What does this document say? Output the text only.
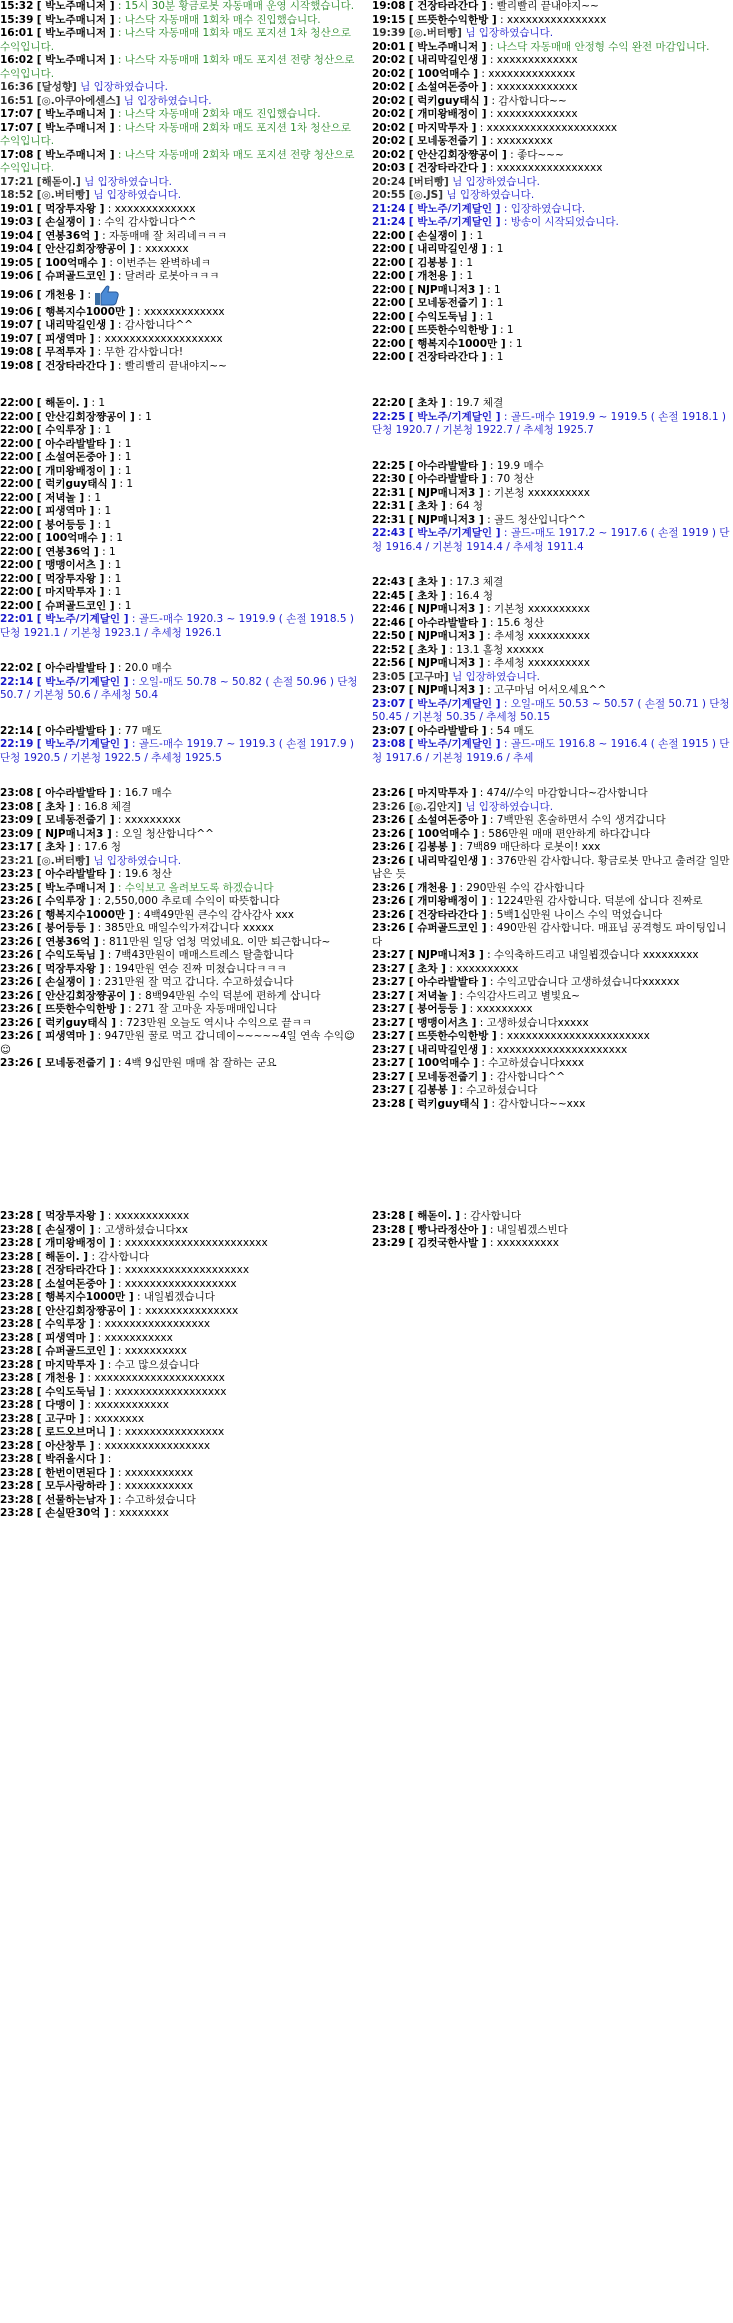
15:32 [ 박노주매니저 ] : 15시 30분 황금로봇 자동매매 운영 시작했습니다.
15:39 [ 박노주매니저 ] : 나스닥 자동매매 1회차 매수 진입했습니다.
16:01 [ 박노주매니저 ] : 나스닥 자동매매 1회차 매도 포지션 1차 청산으로 수익입니다.
16:02 [ 박노주매니저 ] : 나스닥 자동매매 1회차 매도 포지션 전량 청산으로 수익입니다.
16:36 [달성향] 님 입장하였습니다.
16:51 [◎.아쿠아에센스] 님 입장하였습니다.
17:07 [ 박노주매니저 ] : 나스닥 자동매매 2회차 매도 진입했습니다.
17:07 [ 박노주매니저 ] : 나스닥 자동매매 2회차 매도 포지션 1차 청산으로 수익입니다.
17:08 [ 박노주매니저 ] : 나스닥 자동매매 2회차 매도 포지션 전량 청산으로 수익입니다.
17:21 [해돋이.] 님 입장하였습니다.
18:52 [◎.버터빵] 님 입장하였습니다.
19:01 [ 먹장투자왕 ] : ⅹⅹⅹⅹⅹⅹⅹⅹⅹⅹⅹⅹⅹ
19:03 [ 손실쟁이 ] : 수익 감사합니다^^
19:04 [ 연봉36억 ] : 자동매매 잘 처리네ㅋㅋㅋ
19:04 [ 안산김회장쨩공이 ] : ⅹⅹⅹⅹⅹⅹⅹ
19:05 [ 100억매수 ] : 이번주는 완벽하네ㅋ
19:06 [ 슈퍼골드코인 ] : 달려라 로봇아ㅋㅋㅋ
19:06 [ 개천용 ] :
19:06 [ 행복지수1000만 ] : ⅹⅹⅹⅹⅹⅹⅹⅹⅹⅹⅹⅹⅹ
19:07 [ 내리막길인생 ] : 감사합니다^^
19:07 [ 피생역마 ] : ⅹⅹⅹⅹⅹⅹⅹⅹⅹⅹⅹⅹⅹⅹⅹⅹⅹⅹⅹ
19:08 [ 무적투자 ] : 무한 감사합니다!
19:08 [ 건장타라간다 ] : 빨리빨리 끝내야지~~
19:08 [ 건장타라간다 ] : 빨리빨리 끝내야지~~
19:15 [ 뜨뜻한수익한방 ] : ⅹⅹⅹⅹⅹⅹⅹⅹⅹⅹⅹⅹⅹⅹⅹⅹ
19:39 [◎.버터빵] 님 입장하였습니다.
20:01 [ 박노주매니저 ] : 나스닥 자동매매 안정형 수익 완전 마감입니다.
20:02 [ 내리막길인생 ] : ⅹⅹⅹⅹⅹⅹⅹⅹⅹⅹⅹⅹⅹ
20:02 [ 100억매수 ] : ⅹⅹⅹⅹⅹⅹⅹⅹⅹⅹⅹⅹⅹⅹ
20:02 [ 소설여돈중아 ] : ⅹⅹⅹⅹⅹⅹⅹⅹⅹⅹⅹⅹⅹ
20:02 [ 럭키guy태식 ] : 감사합니다~~
20:02 [ 개미왕배정이 ] : ⅹⅹⅹⅹⅹⅹⅹⅹⅹⅹⅹⅹⅹ
20:02 [ 마지막투자 ] : ⅹⅹⅹⅹⅹⅹⅹⅹⅹⅹⅹⅹⅹⅹⅹⅹⅹⅹⅹⅹⅹ
20:02 [ 모네동전줍기 ] : ⅹⅹⅹⅹⅹⅹⅹⅹⅹ
20:02 [ 안산김회장쨩공이 ] : 좋다~~~
20:03 [ 건장타라간다 ] : ⅹⅹⅹⅹⅹⅹⅹⅹⅹⅹⅹⅹⅹⅹⅹⅹⅹ
20:24 [버터빵] 님 입장하였습니다.
20:55 [◎.JS] 님 입장하였습니다.
21:24 [ 박노주/기계달인 ] : 입장하였습니다.
21:24 [ 박노주/기계달인 ] : 방송이 시작되었습니다.
22:00 [ 손실쟁이 ] : 1
22:00 [ 내리막길인생 ] : 1
22:00 [ 김봉봉 ] : 1
22:00 [ 개천용 ] : 1
22:00 [ NJP매니저3 ] : 1
22:00 [ 모네동전줍기 ] : 1
22:00 [ 수익도둑님 ] : 1
22:00 [ 뜨뜻한수익한방 ] : 1
22:00 [ 행복지수1000만 ] : 1
22:00 [ 건장타라간다 ] : 1
22:00 [ 해돋이. ] : 1
22:00 [ 안산김회장쨩공이 ] : 1
22:00 [ 수익루장 ] : 1
22:00 [ 아수라발발타 ] : 1
22:00 [ 소설여돈중아 ] : 1
22:00 [ 개미왕배정이 ] : 1
22:00 [ 럭키guy태식 ] : 1
22:00 [ 저녁놀 ] : 1
22:00 [ 피생역마 ] : 1
22:00 [ 붕어등등 ] : 1
22:00 [ 100억매수 ] : 1
22:00 [ 연봉36억 ] : 1
22:00 [ 맹맹이서츠 ] : 1
22:00 [ 먹장투자왕 ] : 1
22:00 [ 마지막투자 ] : 1
22:00 [ 슈퍼골드코인 ] : 1
22:01 [ 박노주/기계달인 ] : 골드-매수 1920.3 ~ 1919.9 ( 손절 1918.5 ) 단청 1921.1 / 기본청 1923.1 / 추세청 1926.1
22:02 [ 아수라발발타 ] : 20.0 매수
22:14 [ 박노주/기계달인 ] : 오일-매도 50.78 ~ 50.82 ( 손절 50.96 ) 단청 50.7 / 기본청 50.6 / 추세청 50.4
22:14 [ 아수라발발타 ] : 77 매도
22:19 [ 박노주/기계달인 ] : 골드-매수 1919.7 ~ 1919.3 ( 손절 1917.9 ) 단청 1920.5 / 기본청 1922.5 / 추세청 1925.5
22:20 [ 초차 ] : 19.7 체결
22:25 [ 박노주/기계달인 ] : 골드-매수 1919.9 ~ 1919.5 ( 손절 1918.1 ) 단청 1920.7 / 기본청 1922.7 / 추세청 1925.7
22:25 [ 아수라발발타 ] : 19.9 매수
22:30 [ 아수라발발타 ] : 70 청산
22:31 [ NJP매니저3 ] : 기본청 ⅹⅹⅹⅹⅹⅹⅹⅹⅹⅹ
22:31 [ 초차 ] : 64 청
22:31 [ NJP매니저3 ] : 골드 청산입니다^^
22:43 [ 박노주/기계달인 ] : 골드-매도 1917.2 ~ 1917.6 ( 손절 1919 ) 단청 1916.4 / 기본청 1914.4 / 추세청 1911.4
22:43 [ 초차 ] : 17.3 체결
22:45 [ 초차 ] : 16.4 청
22:46 [ NJP매니저3 ] : 기본청 ⅹⅹⅹⅹⅹⅹⅹⅹⅹⅹ
22:46 [ 아수라발발타 ] : 15.6 청산
22:50 [ NJP매니저3 ] : 추세청 ⅹⅹⅹⅹⅹⅹⅹⅹⅹⅹ
22:52 [ 초차 ] : 13.1 홀청 ⅹⅹⅹⅹⅹⅹ
22:56 [ NJP매니저3 ] : 추세청 ⅹⅹⅹⅹⅹⅹⅹⅹⅹⅹ
23:05 [고구마] 님 입장하였습니다.
23:07 [ NJP매니저3 ] : 고구마님 어서오세요^^
23:07 [ 박노주/기계달인 ] : 오일-매도 50.53 ~ 50.57 ( 손절 50.71 ) 단청 50.45 / 기본청 50.35 / 추세청 50.15
23:07 [ 아수라발발타 ] : 54 매도
23:08 [ 박노주/기계달인 ] : 골드-매도 1916.8 ~ 1916.4 ( 손절 1915 ) 단청 1917.6 / 기본청 1919.6 / 추세
23:08 [ 아수라발발타 ] : 16.7 매수
23:08 [ 초차 ] : 16.8 체결
23:09 [ 모네동전줍기 ] : ⅹⅹⅹⅹⅹⅹⅹⅹⅹ
23:09 [ NJP매니저3 ] : 오일 청산합니다^^
23:17 [ 초차 ] : 17.6 청
23:21 [◎.버터빵] 님 입장하였습니다.
23:23 [ 아수라발발타 ] : 19.6 청산
23:25 [ 박노주매니저 ] : 수익보고 올려보도록 하겠습니다
23:26 [ 수익루장 ] : 2,550,000 추로데 수익이 따뜻합니다
23:26 [ 행복지수1000만 ] : 4백49만원 큰수익 감사감사 ⅹⅹⅹ
23:26 [ 붕어등등 ] : 385만요 매일수익가져갑니다 ⅹⅹⅹⅹⅹ
23:26 [ 연봉36억 ] : 811만원 일당 엄청 먹었네요. 이만 퇴근합니다~
23:26 [ 수익도둑님 ] : 7백43만원이 매매스트레스 탈출합니다
23:26 [ 먹장투자왕 ] : 194만원 연승 진짜 미쳤습니다ㅋㅋㅋ
23:26 [ 손실쟁이 ] : 231만원 잘 먹고 갑니다. 수고하셨습니다
23:26 [ 안산김회장쨩공이 ] : 8백94만원 수익 덕분에 편하게 삽니다
23:26 [ 뜨뜻한수익한방 ] : 271 잘 고마운 자동매매입니다
23:26 [ 럭키guy태식 ] : 723만원 오늘도 역시나 수익으로 끝ㅋㅋ
23:26 [ 피생역마 ] : 947만원 꿀로 먹고 갑니데이~~~~~4일 연속 수익☺☺
23:26 [ 모네동전줍기 ] : 4백 9십만원 매매 참 잘하는 군요
23:26 [ 마지막투자 ] : 474//수익 마감합니다~감사합니다
23:26 [◎.김안지] 님 입장하였습니다.
23:26 [ 소설여돈중아 ] : 7백만원 혼술하면서 수익 생겨갑니다
23:26 [ 100억매수 ] : 586만원 매매 편안하게 하다갑니다
23:26 [ 김봉봉 ] : 7백89 매단하다 로봇이! ⅹⅹⅹ
23:26 [ 내리막길인생 ] : 376만원 감사합니다. 황금로봇 만나고 출려갈 일만 남은 듯
23:26 [ 개천용 ] : 290만원 수익 감사합니다
23:26 [ 개미왕배정이 ] : 1224만원 감사합니다. 덕분에 삽니다 진짜로
23:26 [ 건장타라간다 ] : 5백1십만원 나이스 수익 먹었습니다
23:26 [ 슈퍼골드코인 ] : 490만원 감사합니다. 매표님 공격형도 파이팅입니다
23:27 [ NJP매니저3 ] : 수익축하드리고 내일뵙겠습니다 ⅹⅹⅹⅹⅹⅹⅹⅹⅹ
23:27 [ 초차 ] : ⅹⅹⅹⅹⅹⅹⅹⅹⅹⅹ
23:27 [ 아수라발발타 ] : 수익고맙습니다 고생하셨습니다ⅹⅹⅹⅹⅹⅹ
23:27 [ 저녁놀 ] : 수익감사드리고 별빛요~
23:27 [ 붕어등등 ] : ⅹⅹⅹⅹⅹⅹⅹⅹⅹ
23:27 [ 맹맹이서츠 ] : 고생하셨습니다ⅹⅹⅹⅹⅹ
23:27 [ 뜨뜻한수익한방 ] : ⅹⅹⅹⅹⅹⅹⅹⅹⅹⅹⅹⅹⅹⅹⅹⅹⅹⅹⅹⅹⅹⅹⅹ
23:27 [ 내리막길인생 ] : ⅹⅹⅹⅹⅹⅹⅹⅹⅹⅹⅹⅹⅹⅹⅹⅹⅹⅹⅹⅹⅹ
23:27 [ 100억매수 ] : 수고하셨습니다ⅹⅹⅹⅹ
23:27 [ 모네동전줍기 ] : 감사합니다^^
23:27 [ 김봉봉 ] : 수고하셨습니다
23:28 [ 럭키guy태식 ] : 감사합니다~~ⅹⅹⅹ
23:28 [ 먹장투자왕 ] : ⅹⅹⅹⅹⅹⅹⅹⅹⅹⅹⅹⅹ
23:28 [ 손실쟁이 ] : 고생하셨습니다ⅹⅹ
23:28 [ 개미왕배정이 ] : ⅹⅹⅹⅹⅹⅹⅹⅹⅹⅹⅹⅹⅹⅹⅹⅹⅹⅹⅹⅹⅹⅹⅹ
23:28 [ 해돋이. ] : 감사합니다
23:28 [ 건장타라간다 ] : ⅹⅹⅹⅹⅹⅹⅹⅹⅹⅹⅹⅹⅹⅹⅹⅹⅹⅹⅹⅹ
23:28 [ 소설여돈중아 ] : ⅹⅹⅹⅹⅹⅹⅹⅹⅹⅹⅹⅹⅹⅹⅹⅹⅹⅹ
23:28 [ 행복지수1000만 ] : 내일뵙겠습니다
23:28 [ 안산김회장쨩공이 ] : ⅹⅹⅹⅹⅹⅹⅹⅹⅹⅹⅹⅹⅹⅹⅹ
23:28 [ 수익루장 ] : ⅹⅹⅹⅹⅹⅹⅹⅹⅹⅹⅹⅹⅹⅹⅹⅹⅹ
23:28 [ 피생역마 ] : ⅹⅹⅹⅹⅹⅹⅹⅹⅹⅹⅹ
23:28 [ 슈퍼골드코인 ] : ⅹⅹⅹⅹⅹⅹⅹⅹⅹⅹ
23:28 [ 마지막투자 ] : 수고 많으셨습니다
23:28 [ 개천용 ] : ⅹⅹⅹⅹⅹⅹⅹⅹⅹⅹⅹⅹⅹⅹⅹⅹⅹⅹⅹⅹⅹ
23:28 [ 수익도둑님 ] : ⅹⅹⅹⅹⅹⅹⅹⅹⅹⅹⅹⅹⅹⅹⅹⅹⅹⅹ
23:28 [ 다맹이 ] : ⅹⅹⅹⅹⅹⅹⅹⅹⅹⅹⅹⅹ
23:28 [ 고구마 ] : ⅹⅹⅹⅹⅹⅹⅹⅹ
23:28 [ 로드오브머니 ] : ⅹⅹⅹⅹⅹⅹⅹⅹⅹⅹⅹⅹⅹⅹⅹⅹ
23:28 [ 아산창투 ] : ⅹⅹⅹⅹⅹⅹⅹⅹⅹⅹⅹⅹⅹⅹⅹⅹⅹ
23:28 [ 박쥐올시다 ] :
23:28 [ 한번이면된다 ] : ⅹⅹⅹⅹⅹⅹⅹⅹⅹⅹⅹ
23:28 [ 모두사랑하라 ] : ⅹⅹⅹⅹⅹⅹⅹⅹⅹⅹⅹ
23:28 [ 선물하는남자 ] : 수고하셨습니다
23:28 [ 손실딴30억 ] : ⅹⅹⅹⅹⅹⅹⅹⅹ
23:28 [ 해돋이. ] : 감사합니다
23:28 [ 빵나라정산아 ] : 내일뵙겠스빈다
23:29 [ 김컷국한사발 ] : ⅹⅹⅹⅹⅹⅹⅹⅹⅹⅹ
